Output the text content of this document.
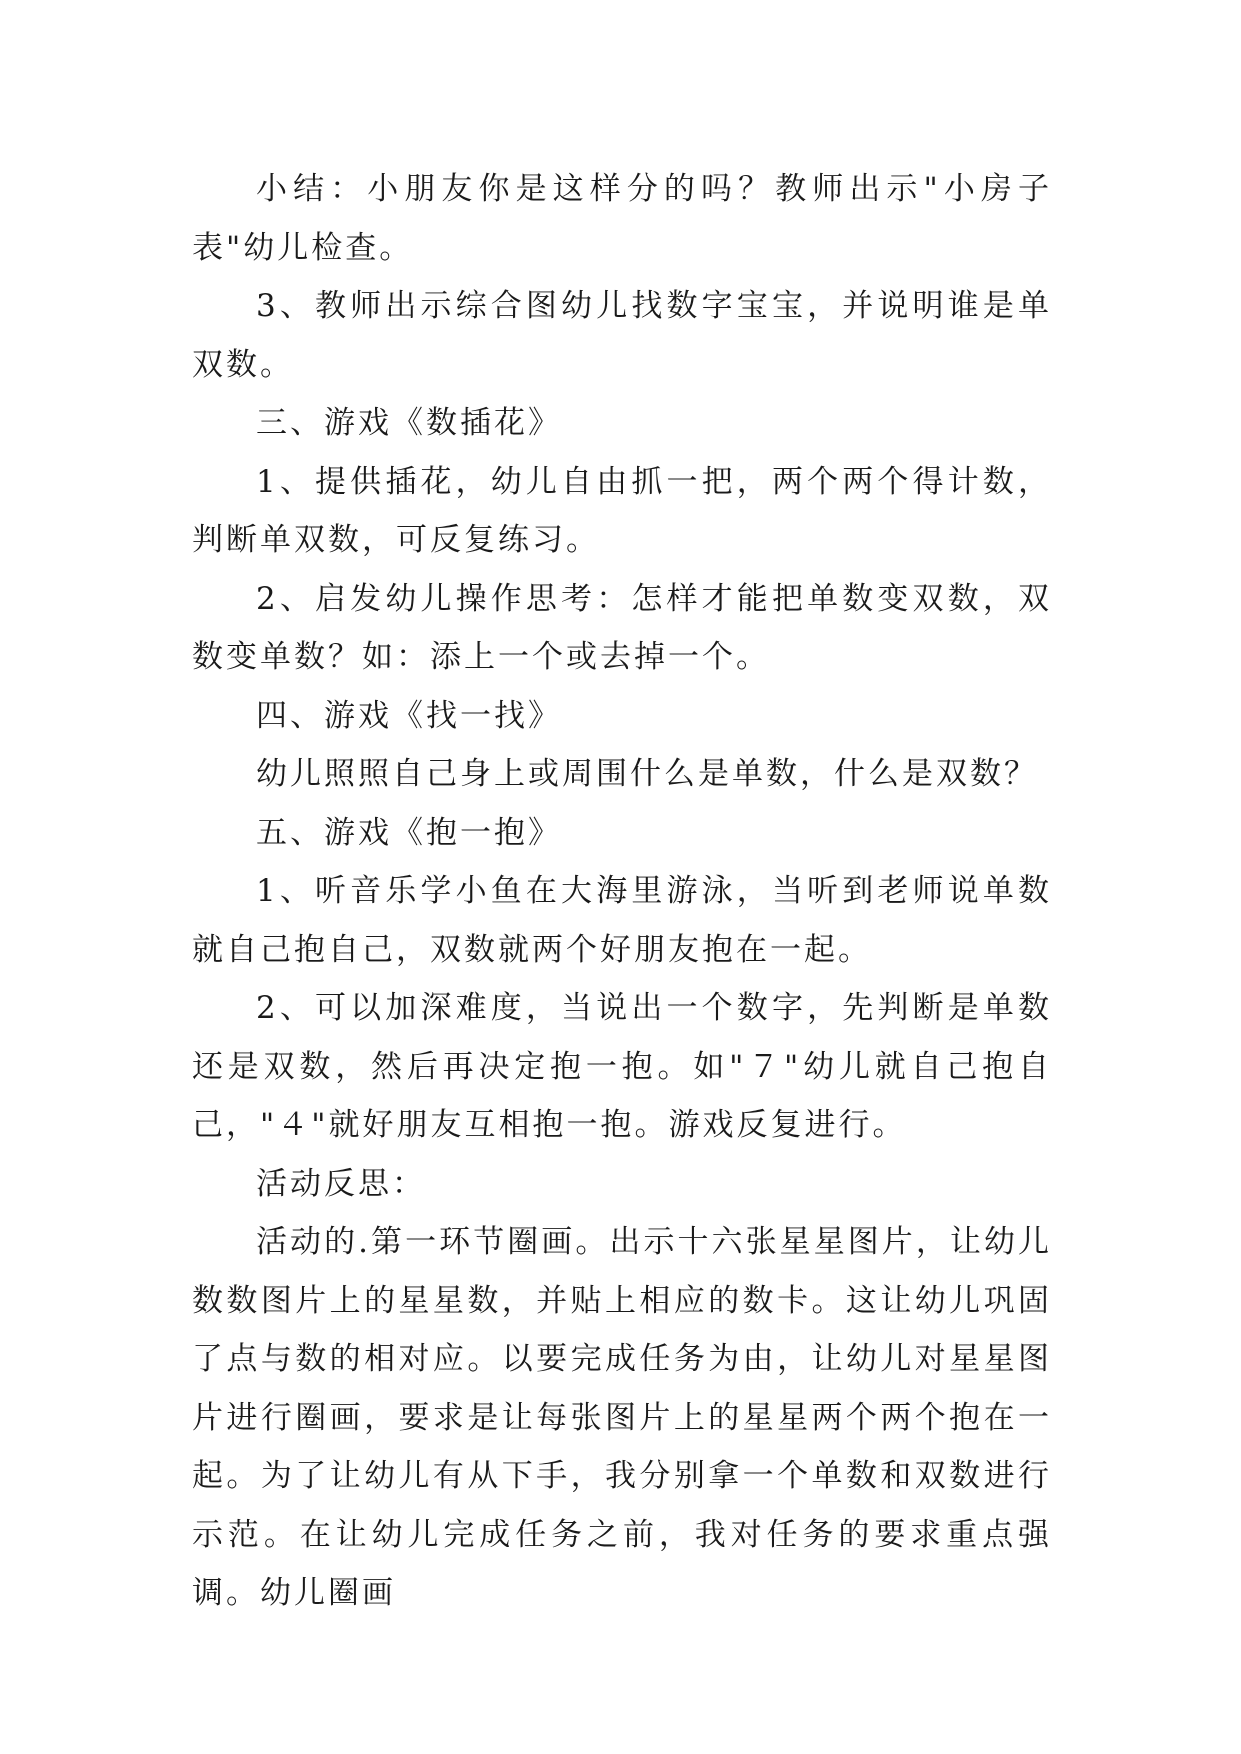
小结：小朋友你是这样分的吗？教师出示"小房子表"幼儿检查。

3、教师出示综合图幼儿找数字宝宝，并说明谁是单双数。

三、游戏《数插花》

1、提供插花，幼儿自由抓一把，两个两个得计数，判断单双数，可反复练习。

2、启发幼儿操作思考：怎样才能把单数变双数，双数变单数？如：添上一个或去掉一个。

四、游戏《找一找》

幼儿照照自己身上或周围什么是单数，什么是双数？

五、游戏《抱一抱》

1、听音乐学小鱼在大海里游泳，当听到老师说单数就自己抱自己，双数就两个好朋友抱在一起。

2、可以加深难度，当说出一个数字，先判断是单数还是双数，然后再决定抱一抱。如"７"幼儿就自己抱自己，"４"就好朋友互相抱一抱。游戏反复进行。

活动反思：

活动的.第一环节圈画。出示十六张星星图片，让幼儿数数图片上的星星数，并贴上相应的数卡。这让幼儿巩固了点与数的相对应。以要完成任务为由，让幼儿对星星图片进行圈画，要求是让每张图片上的星星两个两个抱在一起。为了让幼儿有从下手，我分别拿一个单数和双数进行示范。在让幼儿完成任务之前，我对任务的要求重点强调。幼儿圈画
